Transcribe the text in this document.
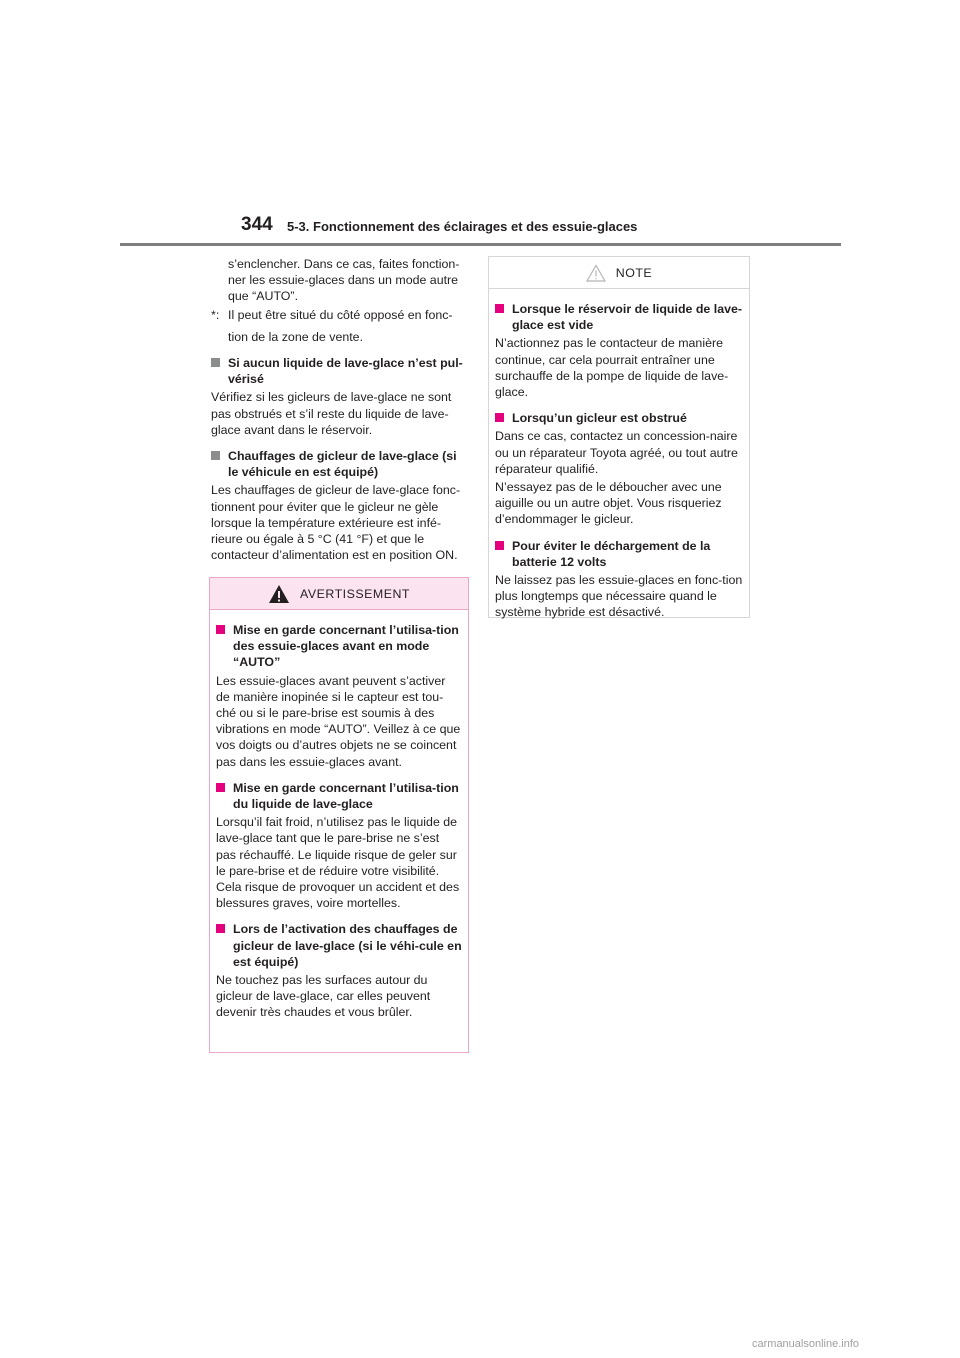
344 5-3. Fonctionnement des éclairages et des essuie-glaces

s’enclencher. Dans ce cas, faites fonction-ner les essuie-glaces dans un mode autre que “AUTO”.

*: Il peut être situé du côté opposé en fonc-

tion de la zone de vente.

Si aucun liquide de lave-glace n’est pul-vérisé

Vérifiez si les gicleurs de lave-glace ne sont pas obstrués et s’il reste du liquide de lave-glace avant dans le réservoir.

Chauffages de gicleur de lave-glace (si le véhicule en est équipé)

Les chauffages de gicleur de lave-glace fonc-tionnent pour éviter que le gicleur ne gèle lorsque la température extérieure est infé-rieure ou égale à 5 °C (41 °F) et que le contacteur d’alimentation est en position ON.

AVERTISSEMENT
Mise en garde concernant l’utilisa-tion des essuie-glaces avant en mode “AUTO”

Les essuie-glaces avant peuvent s’activer de manière inopinée si le capteur est tou-ché ou si le pare-brise est soumis à des vibrations en mode “AUTO”. Veillez à ce que vos doigts ou d’autres objets ne se coincent pas dans les essuie-glaces avant.

Mise en garde concernant l’utilisa-tion du liquide de lave-glace

Lorsqu’il fait froid, n’utilisez pas le liquide de lave-glace tant que le pare-brise ne s’est pas réchauffé. Le liquide risque de geler sur le pare-brise et de réduire votre visibilité. Cela risque de provoquer un accident et des blessures graves, voire mortelles.

Lors de l’activation des chauffages de gicleur de lave-glace (si le véhi-cule en est équipé)

Ne touchez pas les surfaces autour du gicleur de lave-glace, car elles peuvent devenir très chaudes et vous brûler.

NOTE
Lorsque le réservoir de liquide de lave-glace est vide

N’actionnez pas le contacteur de manière continue, car cela pourrait entraîner une surchauffe de la pompe de liquide de lave-glace.

Lorsqu’un gicleur est obstrué

Dans ce cas, contactez un concession-naire ou un réparateur Toyota agréé, ou tout autre réparateur qualifié.

N’essayez pas de le déboucher avec une aiguille ou un autre objet. Vous risqueriez d’endommager le gicleur.

Pour éviter le déchargement de la batterie 12 volts

Ne laissez pas les essuie-glaces en fonc-tion plus longtemps que nécessaire quand le système hybride est désactivé.

carmanualsonline.info
